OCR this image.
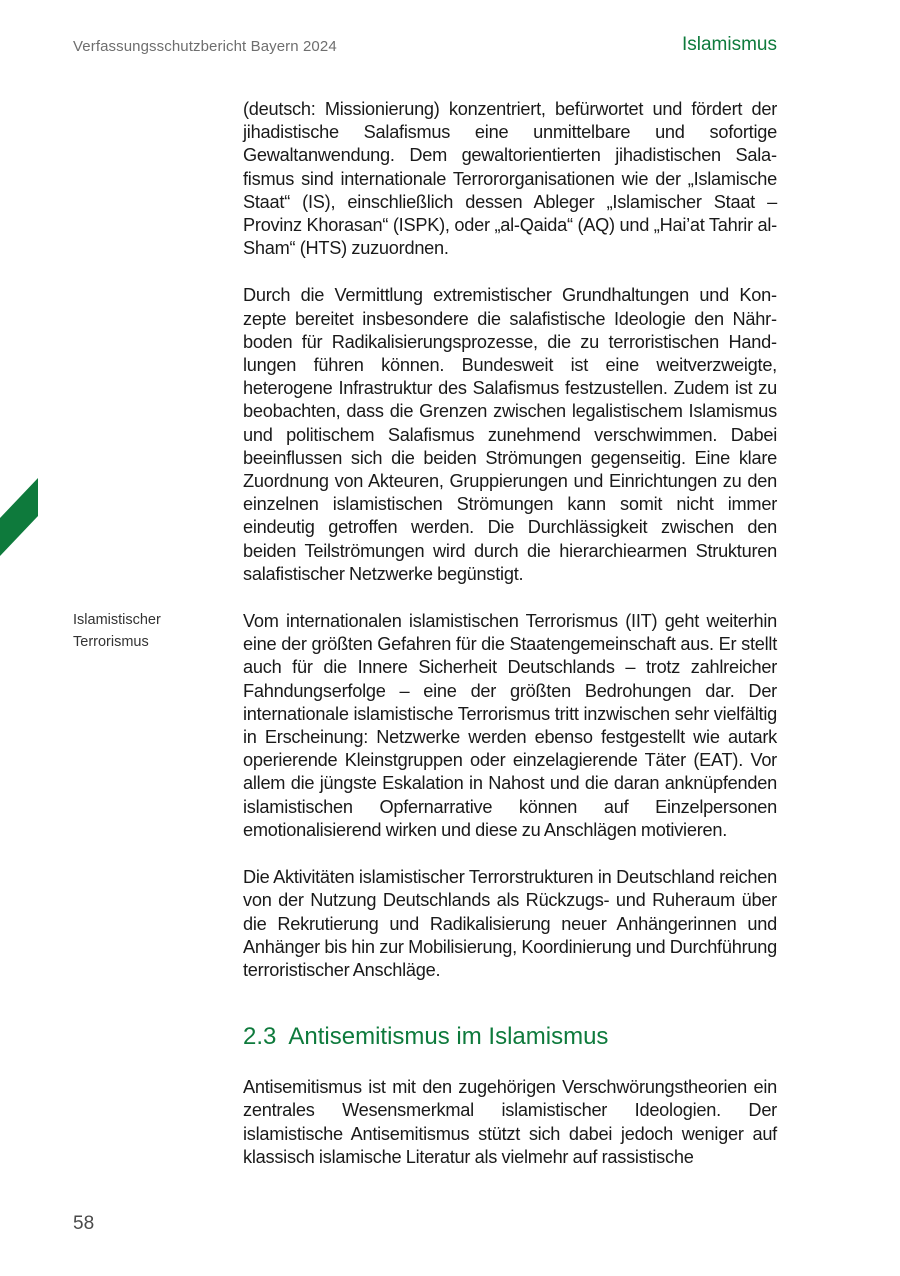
Verfassungsschutzbericht Bayern 2024	Islamismus
Islamistischer
Terrorismus

(deutsch: Missionierung) konzentriert, befürwortet und fördert der jihadistische Salafismus eine unmittelbare und sofortige Gewaltanwendung. Dem gewaltorientierten jihadistischen Salafismus sind internationale Terrororganisationen wie der „Islamische Staat“ (IS), einschließlich dessen Ableger „Islamischer Staat – Provinz Khorasan“ (ISPK), oder „al-Qaida“ (AQ) und „Hai’at Tahrir al-Sham“ (HTS) zuzuordnen.

Durch die Vermittlung extremistischer Grundhaltungen und Konzepte bereitet insbesondere die salafistische Ideologie den Nährboden für Radikalisierungsprozesse, die zu terroristischen Handlungen führen können. Bundesweit ist eine weitverzweigte, heterogene Infrastruktur des Salafismus festzustellen. Zudem ist zu beobachten, dass die Grenzen zwischen legalistischem Islamismus und politischem Salafismus zunehmend verschwimmen. Dabei beeinflussen sich die beiden Strömungen gegenseitig. Eine klare Zuordnung von Akteuren, Gruppierungen und Einrichtungen zu den einzelnen islamistischen Strömungen kann somit nicht immer eindeutig getroffen werden. Die Durchlässigkeit zwischen den beiden Teilströmungen wird durch die hierarchiearmen Strukturen salafistischer Netzwerke begünstigt.

Vom internationalen islamistischen Terrorismus (IIT) geht weiterhin eine der größten Gefahren für die Staatengemeinschaft aus. Er stellt auch für die Innere Sicherheit Deutschlands – trotz zahlreicher Fahndungserfolge – eine der größten Bedrohungen dar. Der internationale islamistische Terrorismus tritt inzwischen sehr vielfältig in Erscheinung: Netzwerke werden ebenso festgestellt wie autark operierende Kleinstgruppen oder einzelagierende Täter (EAT). Vor allem die jüngste Eskalation in Nahost und die daran anknüpfenden islamistischen Opfernarrative können auf Einzelpersonen emotionalisierend wirken und diese zu Anschlägen motivieren.

Die Aktivitäten islamistischer Terrorstrukturen in Deutschland reichen von der Nutzung Deutschlands als Rückzugs- und Ruheraum über die Rekrutierung und Radikalisierung neuer Anhängerinnen und Anhänger bis hin zur Mobilisierung, Koordinierung und Durchführung terroristischer Anschläge.

2.3 Antisemitismus im Islamismus

Antisemitismus ist mit den zugehörigen Verschwörungstheorien ein zentrales Wesensmerkmal islamistischer Ideologien. Der islamistische Antisemitismus stützt sich dabei jedoch weniger auf klassisch islamische Literatur als vielmehr auf rassistische

58
